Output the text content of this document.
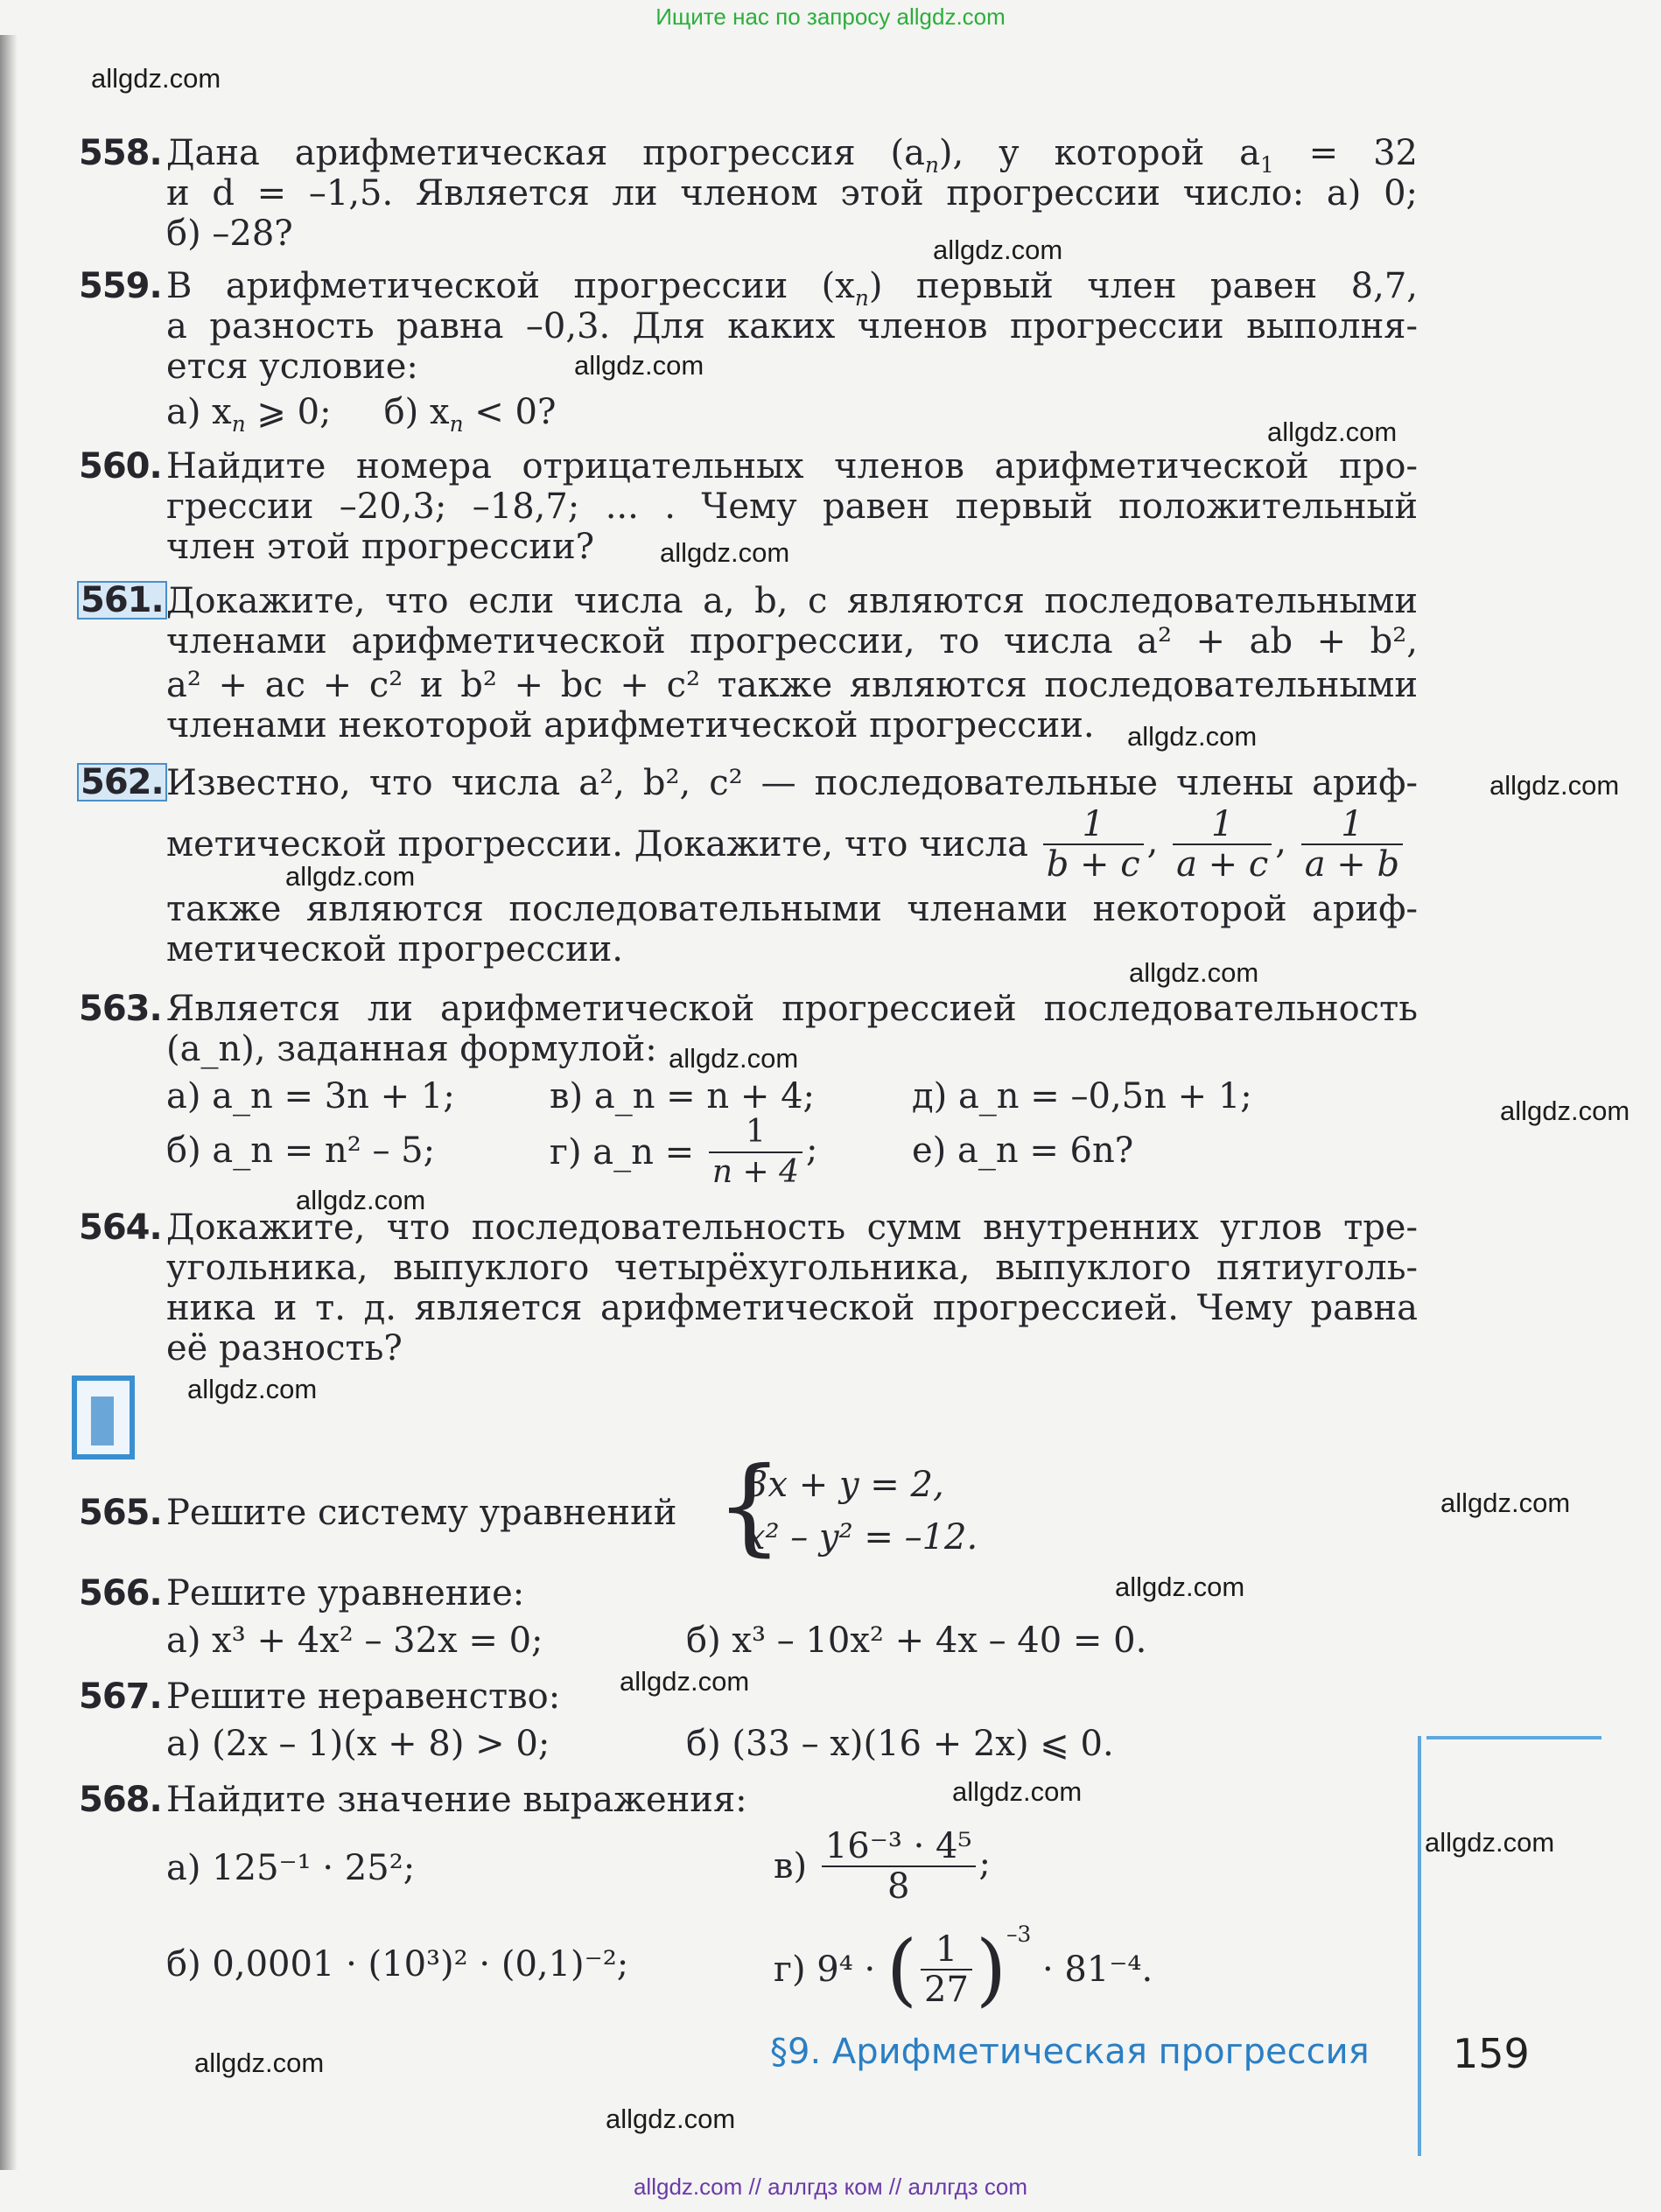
Ищите нас по запросу allgdz.com
allgdz.com
allgdz.com
allgdz.com
allgdz.com
allgdz.com
allgdz.com
allgdz.com
allgdz.com
allgdz.com
allgdz.com
allgdz.com
allgdz.com
allgdz.com
allgdz.com
allgdz.com
allgdz.com
allgdz.com
allgdz.com
allgdz.com
allgdz.com
558. Дана арифметическая прогрессия $(a_n)$, у которой $a_1 = 32$
и d = –1,5. Является ли членом этой прогрессии число: а) 0;
б) –28?
559. В арифметической прогрессии $(x_n)$ первый член равен 8,7,
а разность равна –0,3. Для каких членов прогрессии выполня-
ется условие:
а) $x_n$ ⩾ 0; б) $x_n < 0$?
560. Найдите номера отрицательных членов арифметической про-
грессии –20,3; –18,7; ... . Чему равен первый положительный
член этой прогрессии?
561. Докажите, что если числа a, b, c являются последовательными
членами арифметической прогрессии, то числа a² + ab + b²,
a² + ac + c² и b² + bc + c² также являются последовательными
членами некоторой арифметической прогрессии.
562. Известно, что числа a², b², c² — последовательные члены ариф-
метической прогрессии. Докажите, что числа $\frac{1}{b + c}$ , $\frac{1}{a + c}$ , $\frac{1}{a + b}$
также являются последовательными членами некоторой ариф-
метической прогрессии.
563. Является ли арифметической прогрессией последовательность
(a_n), заданная формулой:
а) a_n = 3n + 1;	в) a_n = n + 4;	д) a_n = –0,5n + 1;
б) a_n = n² – 5;	г) a_n = $\frac{1}{n + 4}$ ;	е) a_n = 6n?
564. Докажите, что последовательность сумм внутренних углов тре-
угольника, выпуклого четырёхугольника, выпуклого пятиуголь-
ника и т. д. является арифметической прогрессией. Чему равна
её разность?
565. Решите систему уравнений {
3x + y = 2,
x² – y² = –12.
566. Решите уравнение:
а) x³ + 4x² – 32x = 0;	б) x³ – 10x² + 4x – 40 = 0.
567. Решите неравенство:
а) (2x – 1)(x + 8) > 0;	б) (33 – x)(16 + 2x) ⩽ 0.
568. Найдите значение выражения:
а) 125⁻¹ · 25²;	$в) \frac{\text{16⁻³ · 4⁵}}{8}$ ;
б) 0,0001 · (10³)² · (0,1)⁻²;	г) 9⁴ · ( $\frac{1}{27} )^{-3} \cdot 81^{-4}$.
§9. Арифметическая прогрессия 159
allgdz.com // аллгдз ком // аллгдз com
